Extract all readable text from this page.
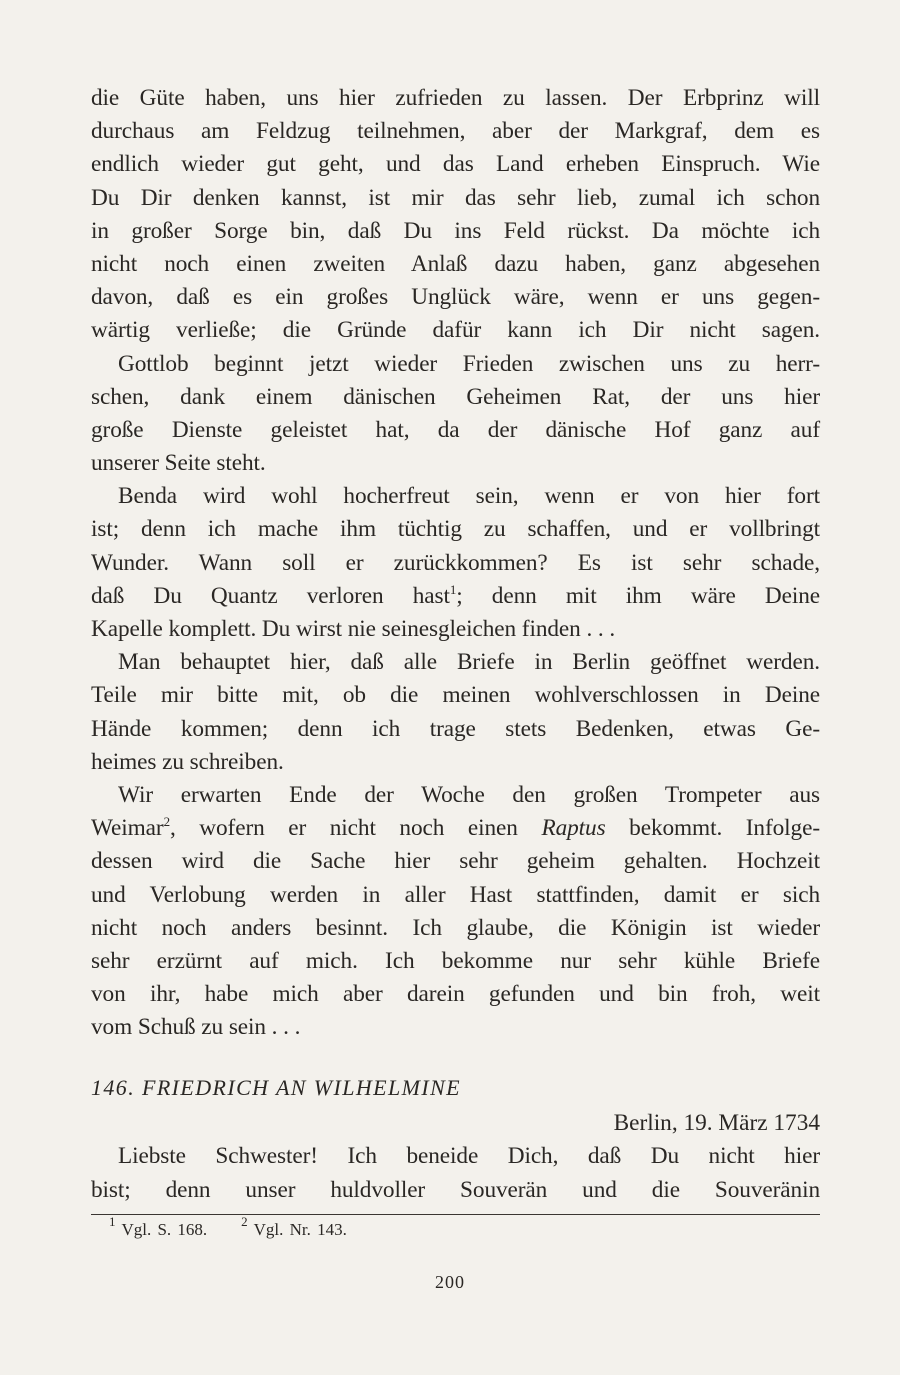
die Güte haben, uns hier zufrieden zu lassen. Der Erbprinz will
durchaus am Feldzug teilnehmen, aber der Markgraf, dem es
endlich wieder gut geht, und das Land erheben Einspruch. Wie
Du Dir denken kannst, ist mir das sehr lieb, zumal ich schon
in großer Sorge bin, daß Du ins Feld rückst. Da möchte ich
nicht noch einen zweiten Anlaß dazu haben, ganz abgesehen
davon, daß es ein großes Unglück wäre, wenn er uns gegen-
wärtig verließe; die Gründe dafür kann ich Dir nicht sagen.
Gottlob beginnt jetzt wieder Frieden zwischen uns zu herr-
schen, dank einem dänischen Geheimen Rat, der uns hier
große Dienste geleistet hat, da der dänische Hof ganz auf
unserer Seite steht.
Benda wird wohl hocherfreut sein, wenn er von hier fort
ist; denn ich mache ihm tüchtig zu schaffen, und er vollbringt
Wunder. Wann soll er zurückkommen? Es ist sehr schade,
daß Du Quantz verloren hast$^1$; denn mit ihm wäre Deine
Kapelle komplett. Du wirst nie seinesgleichen finden . . .
Man behauptet hier, daß alle Briefe in Berlin geöffnet werden.
Teile mir bitte mit, ob die meinen wohlverschlossen in Deine
Hände kommen; denn ich trage stets Bedenken, etwas Ge-
heimes zu schreiben.
Wir erwarten Ende der Woche den großen Trompeter aus
Weimar$^2$, wofern er nicht noch einen Raptus bekommt. Infolge-
dessen wird die Sache hier sehr geheim gehalten. Hochzeit
und Verlobung werden in aller Hast stattfinden, damit er sich
nicht noch anders besinnt. Ich glaube, die Königin ist wieder
sehr erzürnt auf mich. Ich bekomme nur sehr kühle Briefe
von ihr, habe mich aber darein gefunden und bin froh, weit
vom Schuß zu sein . . .
146. FRIEDRICH AN WILHELMINE
Berlin, 19. März 1734
Liebste Schwester! Ich beneide Dich, daß Du nicht hier
bist; denn unser huldvoller Souverän und die Souveränin
$^1$ Vgl. S. 168.	$^2$ Vgl. Nr. 143.
200
